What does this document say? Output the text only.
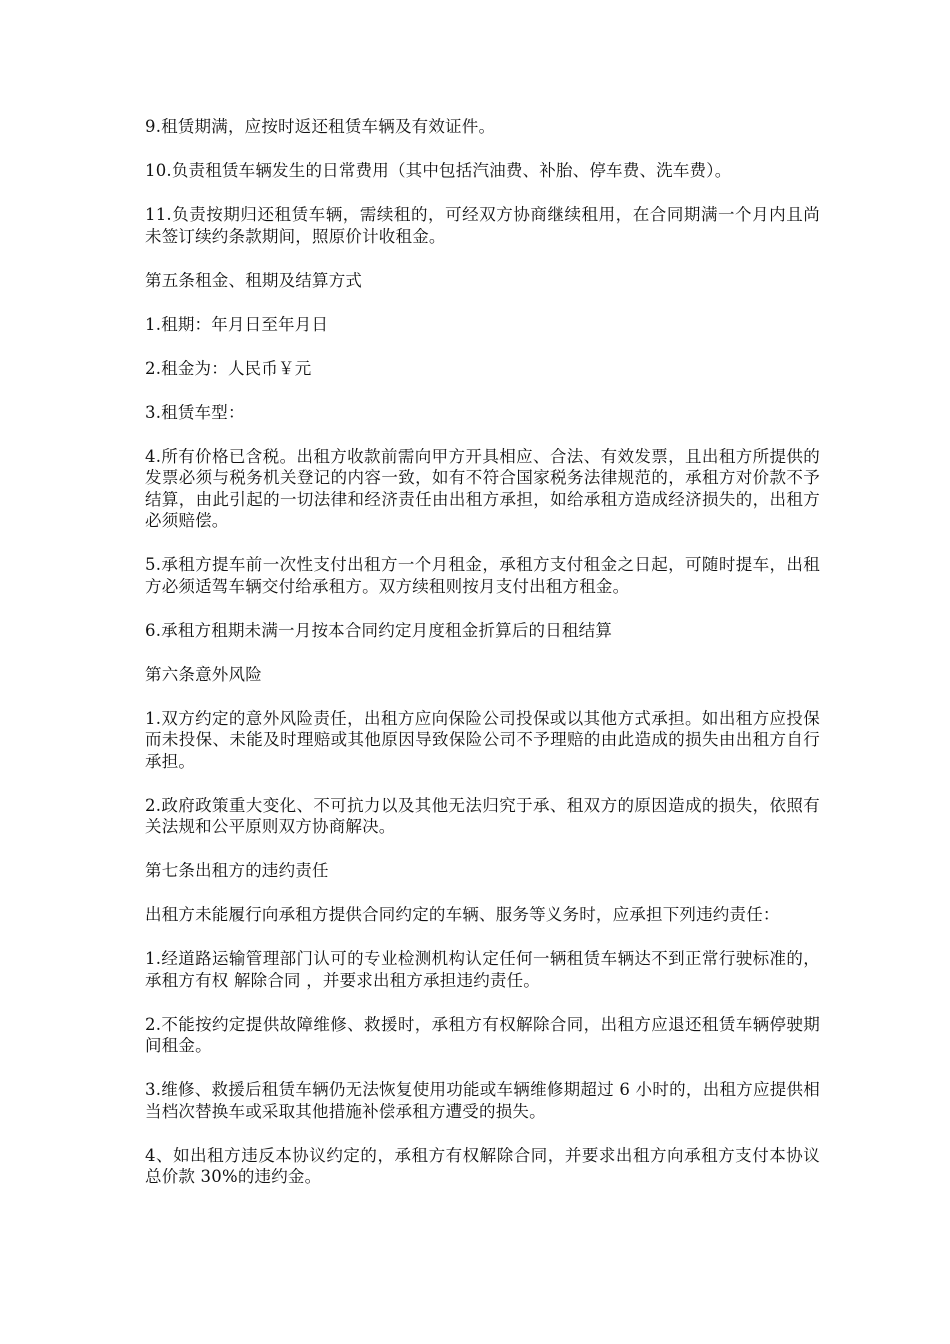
9.租赁期满，应按时返还租赁车辆及有效证件。

10.负责租赁车辆发生的日常费用（其中包括汽油费、补胎、停车费、洗车费）。

11.负责按期归还租赁车辆，需续租的，可经双方协商继续租用，在合同期满一个月内且尚未签订续约条款期间，照原价计收租金。

第五条租金、租期及结算方式

1.租期：年月日至年月日

2.租金为：人民币￥元

3.租赁车型：

4.所有价格已含税。出租方收款前需向甲方开具相应、合法、有效发票，且出租方所提供的发票必须与税务机关登记的内容一致，如有不符合国家税务法律规范的，承租方对价款不予结算，由此引起的一切法律和经济责任由出租方承担，如给承租方造成经济损失的，出租方必须赔偿。

5.承租方提车前一次性支付出租方一个月租金，承租方支付租金之日起，可随时提车，出租方必须适驾车辆交付给承租方。双方续租则按月支付出租方租金。

6.承租方租期未满一月按本合同约定月度租金折算后的日租结算

第六条意外风险

1.双方约定的意外风险责任，出租方应向保险公司投保或以其他方式承担。如出租方应投保而未投保、未能及时理赔或其他原因导致保险公司不予理赔的由此造成的损失由出租方自行承担。

2.政府政策重大变化、不可抗力以及其他无法归究于承、租双方的原因造成的损失，依照有关法规和公平原则双方协商解决。

第七条出租方的违约责任

出租方未能履行向承租方提供合同约定的车辆、服务等义务时，应承担下列违约责任：

1.经道路运输管理部门认可的专业检测机构认定任何一辆租赁车辆达不到正常行驶标准的，承租方有权 解除合同 ，并要求出租方承担违约责任。

2.不能按约定提供故障维修、救援时，承租方有权解除合同，出租方应退还租赁车辆停驶期间租金。

3.维修、救援后租赁车辆仍无法恢复使用功能或车辆维修期超过 6 小时的，出租方应提供相当档次替换车或采取其他措施补偿承租方遭受的损失。

4、如出租方违反本协议约定的，承租方有权解除合同，并要求出租方向承租方支付本协议总价款 30%的违约金。
